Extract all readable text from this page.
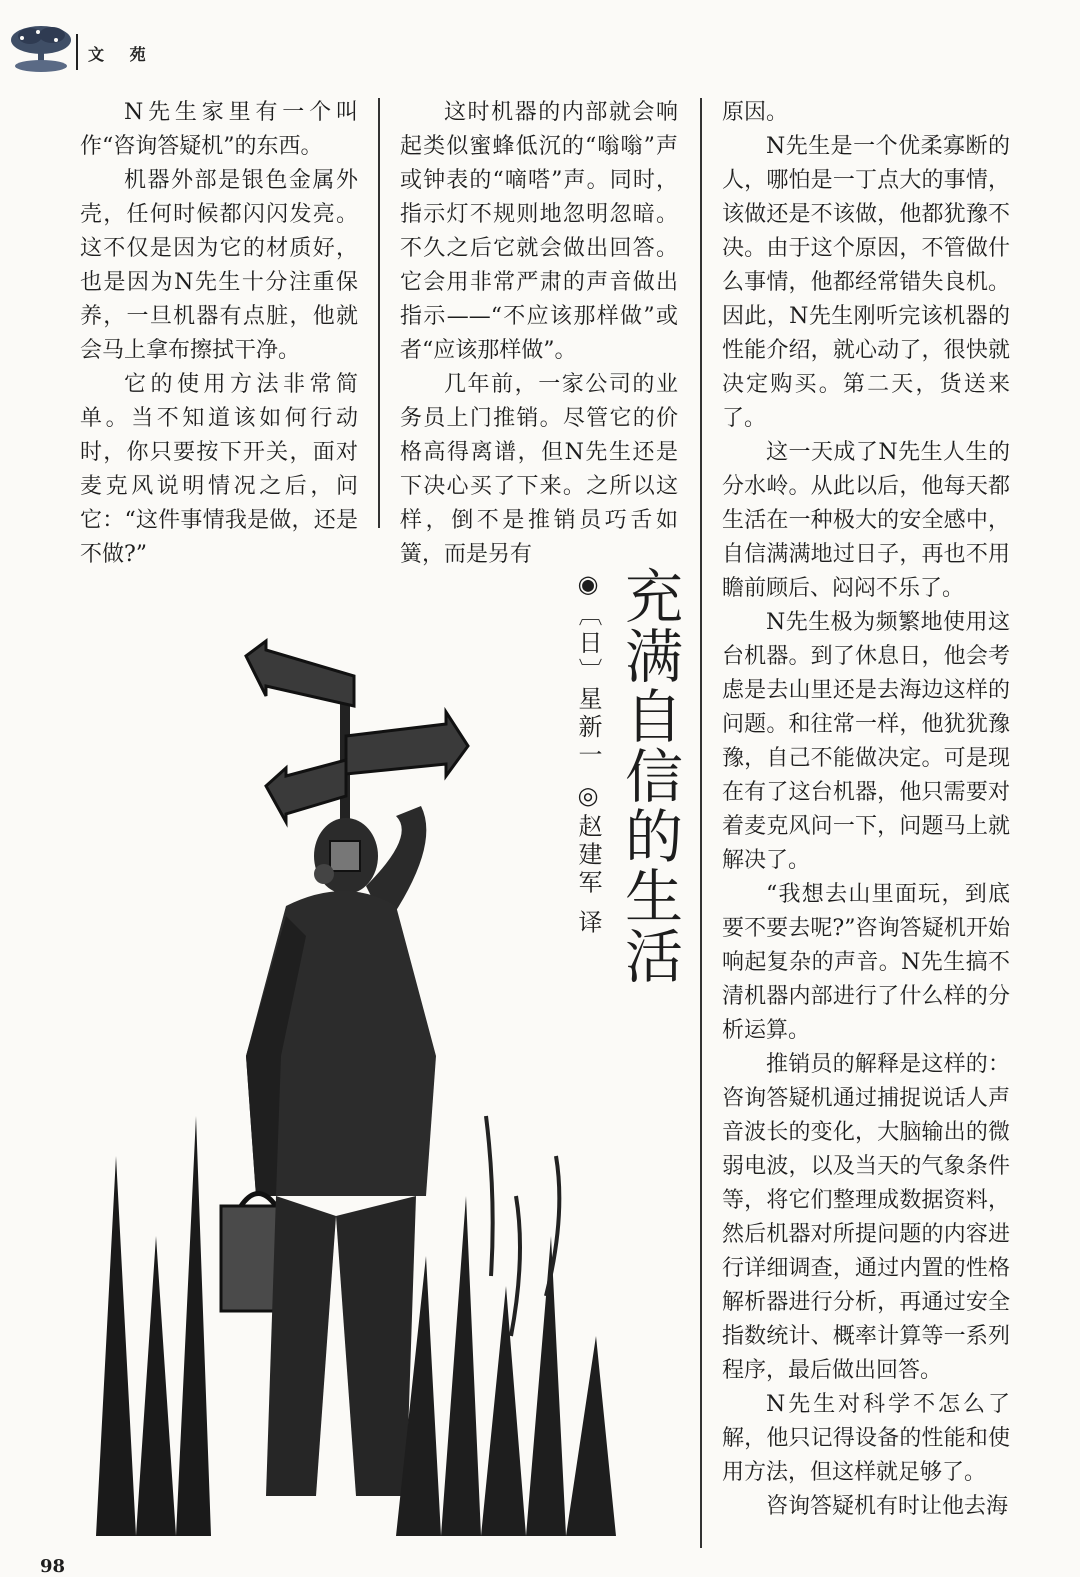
文 苑

N先生家里有一个叫作“咨询答疑机”的东西。

机器外部是银色金属外壳，任何时候都闪闪发亮。这不仅是因为它的材质好，也是因为N先生十分注重保养，一旦机器有点脏，他就会马上拿布擦拭干净。

它的使用方法非常简单。当不知道该如何行动时，你只要按下开关，面对麦克风说明情况之后，问它：“这件事情我是做，还是不做?”

这时机器的内部就会响起类似蜜蜂低沉的“嗡嗡”声或钟表的“嘀嗒”声。同时，指示灯不规则地忽明忽暗。不久之后它就会做出回答。它会用非常严肃的声音做出指示——“不应该那样做”或者“应该那样做”。

几年前，一家公司的业务员上门推销。尽管它的价格高得离谱，但N先生还是下决心买了下来。之所以这样，倒不是推销员巧舌如簧，而是另有

原因。

N先生是一个优柔寡断的人，哪怕是一丁点大的事情，该做还是不该做，他都犹豫不决。由于这个原因，不管做什么事情，他都经常错失良机。因此，N先生刚听完该机器的性能介绍，就心动了，很快就决定购买。第二天，货送来了。

这一天成了N先生人生的分水岭。从此以后，他每天都生活在一种极大的安全感中，自信满满地过日子，再也不用瞻前顾后、闷闷不乐了。

N先生极为频繁地使用这台机器。到了休息日，他会考虑是去山里还是去海边这样的问题。和往常一样，他犹犹豫豫，自己不能做决定。可是现在有了这台机器，他只需要对着麦克风问一下，问题马上就解决了。

“我想去山里面玩，到底要不要去呢?”咨询答疑机开始响起复杂的声音。N先生搞不清机器内部进行了什么样的分析运算。

推销员的解释是这样的：咨询答疑机通过捕捉说话人声音波长的变化，大脑输出的微弱电波，以及当天的气象条件等，将它们整理成数据资料，然后机器对所提问题的内容进行详细调查，通过内置的性格解析器进行分析，再通过安全指数统计、概率计算等一系列程序，最后做出回答。

N先生对科学不怎么了解，他只记得设备的性能和使用方法，但这样就足够了。

咨询答疑机有时让他去海

充满自信的生活
◉〔日〕星新一 ◎赵建军 译
98
